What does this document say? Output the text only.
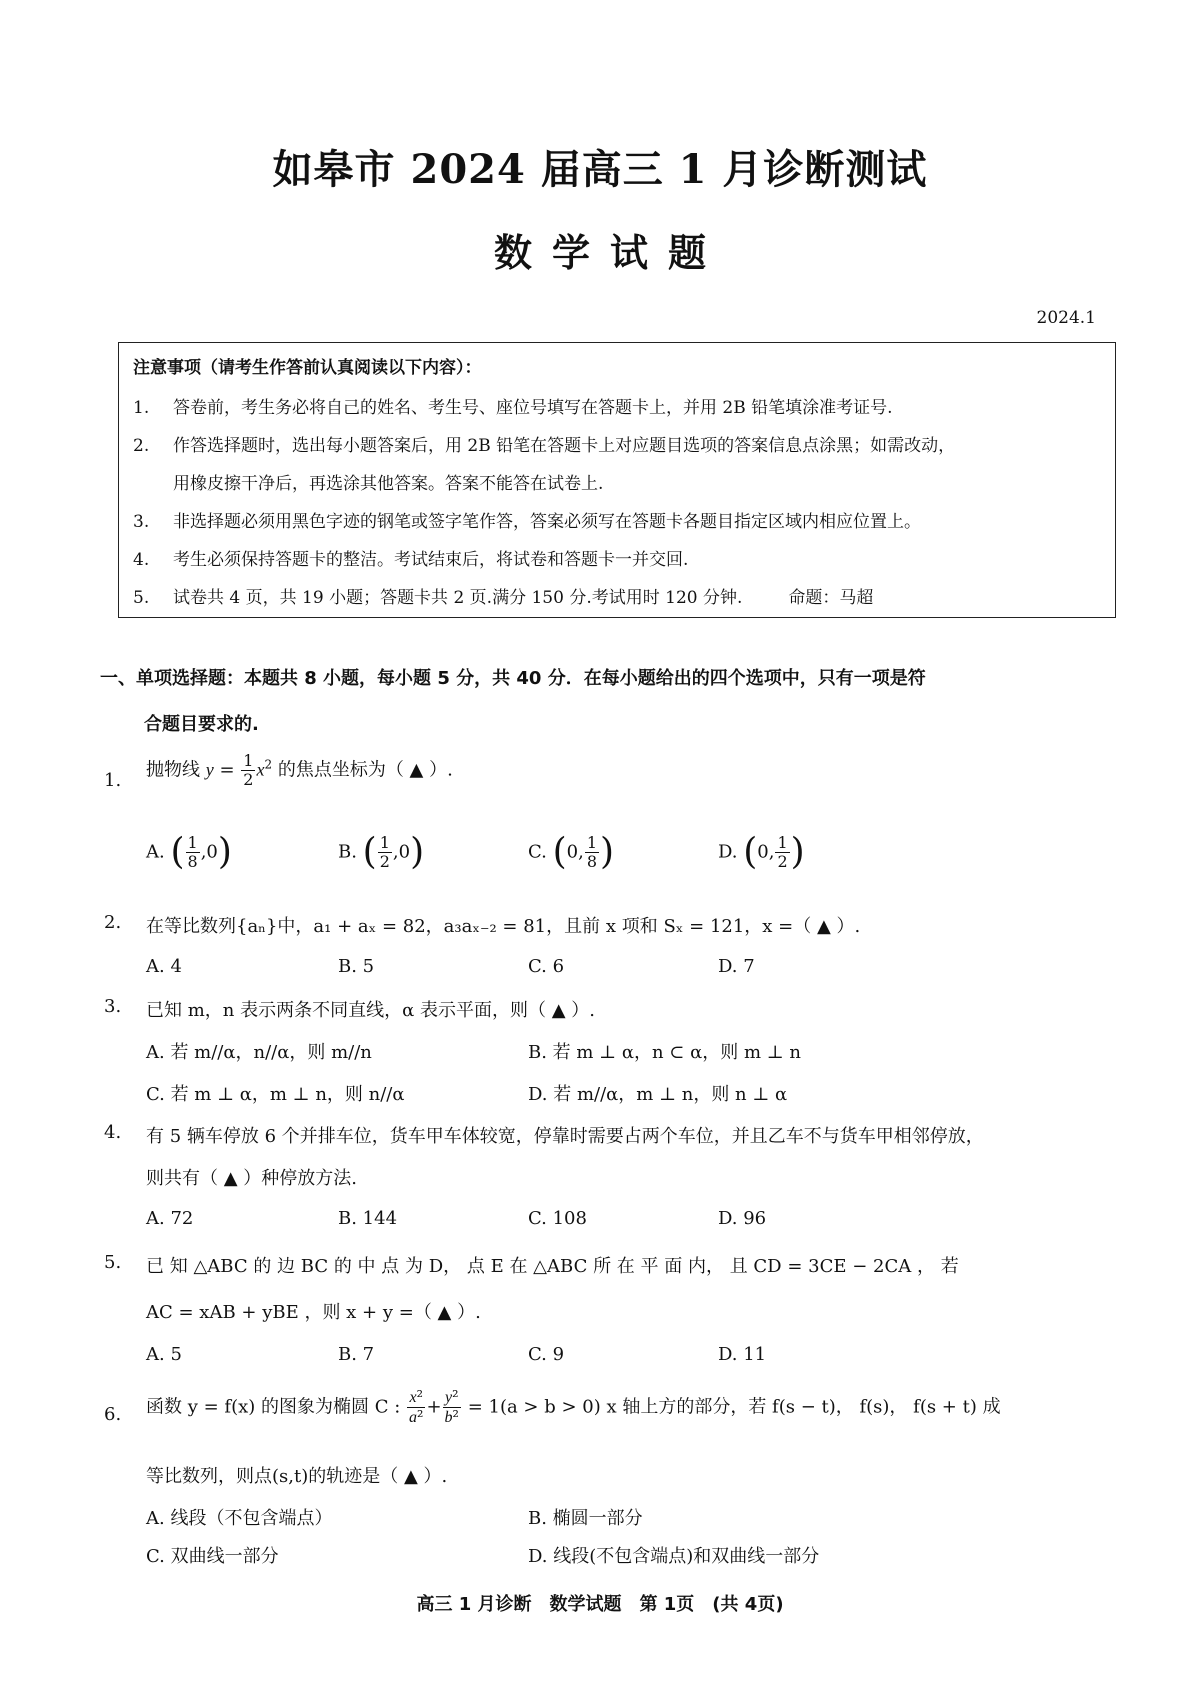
如皋市 2024 届高三 1 月诊断测试
数学试题
2024.1
注意事项（请考生作答前认真阅读以下内容）：
1. 答卷前，考生务必将自己的姓名、考生号、座位号填写在答题卡上，并用 2B 铅笔填涂准考证号.
2. 作答选择题时，选出每小题答案后，用 2B 铅笔在答题卡上对应题目选项的答案信息点涂黑；如需改动，
用橡皮擦干净后，再选涂其他答案。答案不能答在试卷上.
3. 非选择题必须用黑色字迹的钢笔或签字笔作答，答案必须写在答题卡各题目指定区域内相应位置上。
4. 考生必须保持答题卡的整洁。考试结束后，将试卷和答题卡一并交回.
5. 试卷共 4 页，共 19 小题；答题卡共 2 页.满分 150 分.考试用时 120 分钟.	命题：马超
一、单项选择题：本题共 8 小题，每小题 5 分，共 40 分．在每小题给出的四个选项中，只有一项是符
合题目要求的.
1. 抛物线 $y = \frac{1}{2} x^2$ 的焦点坐标为（ ▲ ）.
A. ( $\frac{1}{8} ,0$)	B. ( $\frac{1}{2} ,0$)	C. (0, $\frac{1}{8}$ )	D. (0, $\frac{1}{2}$ )
2. 在等比数列{aₙ}中，a₁ + aₓ = 82，a₃aₓ₋₂ = 81，且前 x 项和 Sₓ = 121，x =（ ▲ ）.
A. 4	B. 5	C. 6	D. 7
3. 已知 m，n 表示两条不同直线，α 表示平面，则（ ▲ ）.
A. 若 m//α，n//α，则 m//n	B. 若 m ⊥ α，n ⊂ α，则 m ⊥ n
C. 若 m ⊥ α，m ⊥ n，则 n//α	D. 若 m//α，m ⊥ n，则 n ⊥ α
4. 有 5 辆车停放 6 个并排车位，货车甲车体较宽，停靠时需要占两个车位，并且乙车不与货车甲相邻停放，
则共有（ ▲ ）种停放方法.
A. 72	B. 144	C. 108	D. 96
5. 已 知 △ABC 的 边 BC 的 中 点 为 D， 点 E 在 △ABC 所 在 平 面 内， 且 CD = 3CE − 2CA ， 若
AC = xAB + yBE ，则 x + y =（ ▲ ）.
A. 5	B. 7	C. 9	D. 11
6. 函数 y = f(x) 的图象为椭圆 C : $\frac{\text{x²}}{\text{a²}} + \frac{\text{y²}}{\text{b²}} = 1(a > b > 0)$ x 轴上方的部分，若 f(s − t)， f(s)， f(s + t) 成
等比数列，则点(s,t)的轨迹是（ ▲ ）.
A. 线段（不包含端点）	B. 椭圆一部分
C. 双曲线一部分	D. 线段(不包含端点)和双曲线一部分
高三 1 月诊断　数学试题　第 1页　(共 4页)
